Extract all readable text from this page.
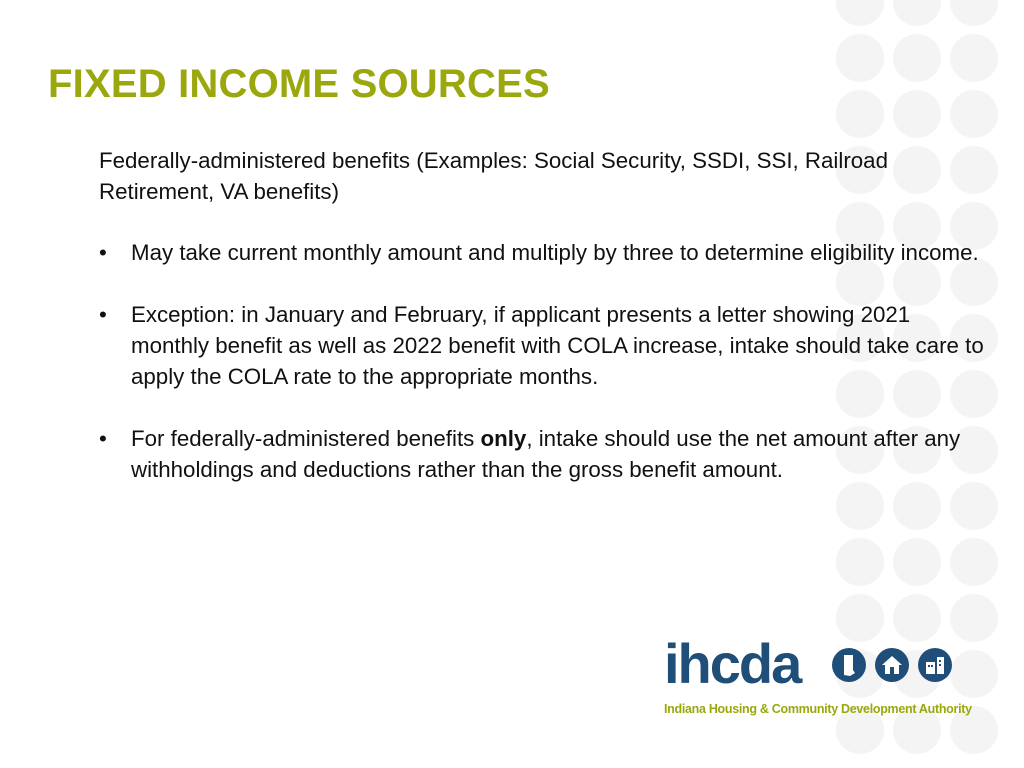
FIXED INCOME SOURCES

Federally-administered benefits (Examples: Social Security, SSDI, SSI, Railroad Retirement, VA benefits)

• May take current monthly amount and multiply by three to determine eligibility income.
• Exception: in January and February, if applicant presents a letter showing 2021 monthly benefit as well as 2022 benefit with COLA increase, intake should take care to apply the COLA rate to the appropriate months.
• For federally-administered benefits only, intake should use the net amount after any withholdings and deductions rather than the gross benefit amount.
ihcda
Indiana Housing & Community Development Authority
